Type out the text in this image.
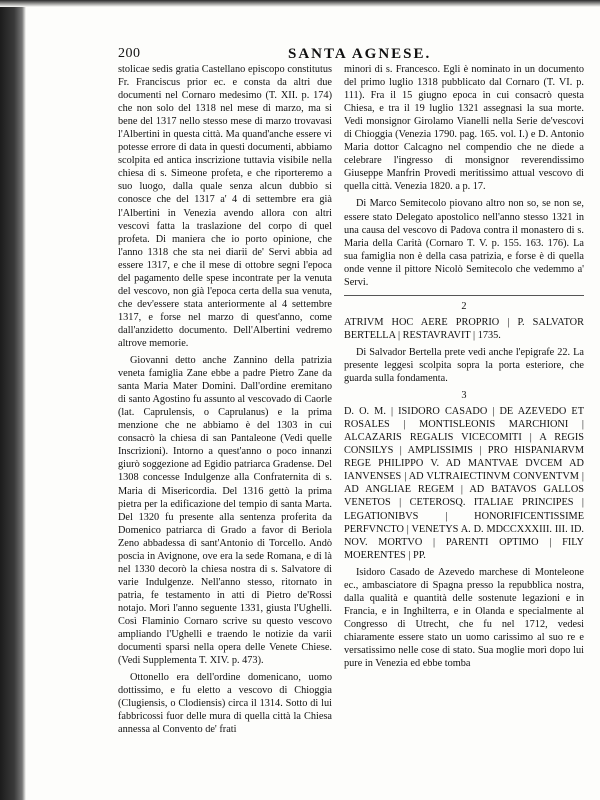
200	SANTA AGNESE.

stolicae sedis gratia Castellano episcopo constitutus Fr. Franciscus prior ec. e consta da altri due documenti nel Cornaro medesimo (T. XII. p. 174) che non solo del 1318 nel mese di marzo, ma si bene del 1317 nello stesso mese di marzo trovavasi l'Albertini in questa città. Ma quand'anche essere vi potesse errore di data in questi documenti, abbiamo scolpita ed antica inscrizione tuttavia visibile nella chiesa di s. Simeone profeta, e che riporteremo a suo luogo, dalla quale senza alcun dubbio si conosce che del 1317 a' 4 di settembre era già l'Albertini in Venezia avendo allora con altri vescovi fatta la traslazione del corpo di quel profeta. Di maniera che io porto opinione, che l'anno 1318 che sta nei diarii de' Servi abbia ad essere 1317, e che il mese di ottobre segni l'epoca del pagamento delle spese incontrate per la venuta del vescovo, non già l'epoca certa della sua venuta, che dev'essere stata anteriormente al 4 settembre 1317, e forse nel marzo di quest'anno, come dall'anzidetto documento. Dell'Albertini vedremo altrove memorie.

Giovanni detto anche Zannino della patrizia veneta famiglia Zane ebbe a padre Pietro Zane da santa Maria Mater Domini. Dall'ordine eremitano di santo Agostino fu assunto al vescovado di Caorle (lat. Caprulensis, o Caprulanus) e la prima menzione che ne abbiamo è del 1303 in cui consacrò la chiesa di san Pantaleone (Vedi quelle Inscrizioni). Intorno a quest'anno o poco innanzi giurò soggezione ad Egidio patriarca Gradense. Del 1308 concesse Indulgenze alla Confraternita di s. Maria di Misericordia. Del 1316 gettò la prima pietra per la edificazione del tempio di santa Marta. Del 1320 fu presente alla sentenza proferita da Domenico patriarca di Grado a favor di Beriola Zeno abbadessa di sant'Antonio di Torcello. Andò poscia in Avignone, ove era la sede Romana, e di là nel 1330 decorò la chiesa nostra di s. Salvatore di varie Indulgenze. Nell'anno stesso, ritornato in patria, fe testamento in atti di Pietro de'Rossi notajo. Morì l'anno seguente 1331, giusta l'Ughelli. Così Flaminio Cornaro scrive su questo vescovo ampliando l'Ughelli e traendo le notizie da varii documenti sparsi nella opera delle Venete Chiese. (Vedi Supplementa T. XIV. p. 473).

Ottonello era dell'ordine domenicano, uomo dottissimo, e fu eletto a vescovo di Chioggia (Clugiensis, o Clodiensis) circa il 1314. Sotto di lui fabbricossi fuor delle mura di quella città la Chiesa annessa al Convento de' frati

minori di s. Francesco. Egli è nominato in un documento del primo luglio 1318 pubblicato dal Cornaro (T. VI. p. 111). Fra il 15 giugno epoca in cui consacrò questa Chiesa, e tra il 19 luglio 1321 assegnasi la sua morte. Vedi monsignor Girolamo Vianelli nella Serie de'vescovi di Chioggia (Venezia 1790. pag. 165. vol. I.) e D. Antonio Maria dottor Calcagno nel compendio che ne diede a celebrare l'ingresso di monsignor reverendissimo Giuseppe Manfrin Provedi meritissimo attual vescovo di quella città. Venezia 1820. a p. 17.

Di Marco Semitecolo piovano altro non so, se non se, essere stato Delegato apostolico nell'anno stesso 1321 in una causa del vescovo di Padova contra il monastero di s. Maria della Carità (Cornaro T. V. p. 155. 163. 176). La sua famiglia non è della casa patrizia, e forse è di quella onde venne il pittore Nicolò Semitecolo che vedemmo a' Servi.

2

ATRIVM HOC AERE PROPRIO | P. SALVATOR BERTELLA | RESTAVRAVIT | 1735.

Di Salvador Bertella prete vedi anche l'epigrafe 22. La presente leggesi scolpita sopra la porta esteriore, che guarda sulla fondamenta.

3

D. O. M. | ISIDORO CASADO | DE AZEVEDO ET ROSALES | MONTISLEONIS MARCHIONI | ALCAZARIS REGALIS VICECOMITI | A REGIS CONSILYS | AMPLISSIMIS | PRO HISPANIARVM REGE PHILIPPO V. AD MANTVAE DVCEM AD IANVENSES | AD VLTRAIECTINVM CONVENTVM | AD ANGLIAE REGEM | AD BATAVOS GALLOS VENETOS | CETEROSQ. ITALIAE PRINCIPES | LEGATIONIBVS | HONORIFICENTISSIME PERFVNCTO | VENETYS A. D. MDCCXXXIII. III. ID. NOV. MORTVO | PARENTI OPTIMO | FILY MOERENTES | PP.

Isidoro Casado de Azevedo marchese di Monteleone ec., ambasciatore di Spagna presso la repubblica nostra, dalla qualità e quantità delle sostenute legazioni e in Francia, e in Inghilterra, e in Olanda e specialmente al Congresso di Utrecht, che fu nel 1712, vedesi chiaramente essere stato un uomo carissimo al suo re e versatissimo nelle cose di stato. Sua moglie morì dopo lui pure in Venezia ed ebbe tomba
